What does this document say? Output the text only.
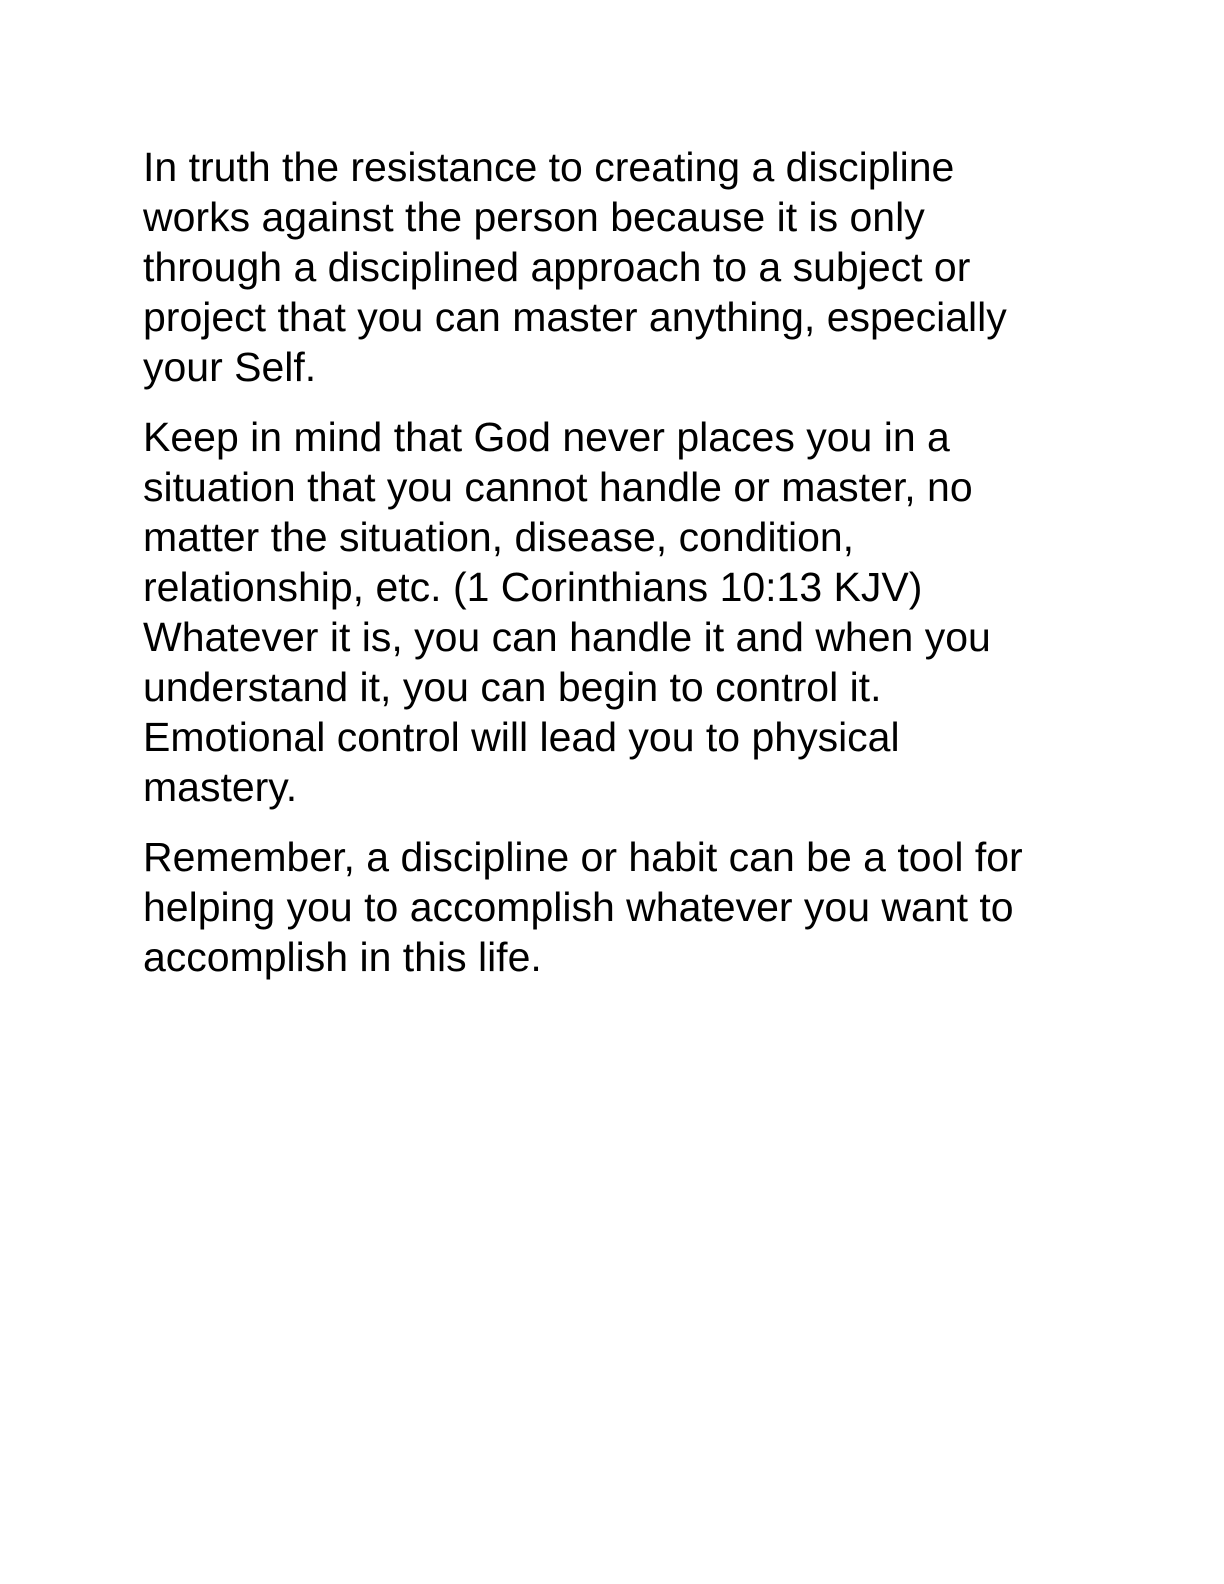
In truth the resistance to creating a discipline
works against the person because it is only
through a disciplined approach to a subject or
project that you can master anything, especially
your Self.

Keep in mind that God never places you in a
situation that you cannot handle or master, no
matter the situation, disease, condition,
relationship, etc. (1 Corinthians 10:13 KJV)
Whatever it is, you can handle it and when you
understand it, you can begin to control it.
Emotional control will lead you to physical
mastery.

Remember, a discipline or habit can be a tool for
helping you to accomplish whatever you want to
accomplish in this life.
